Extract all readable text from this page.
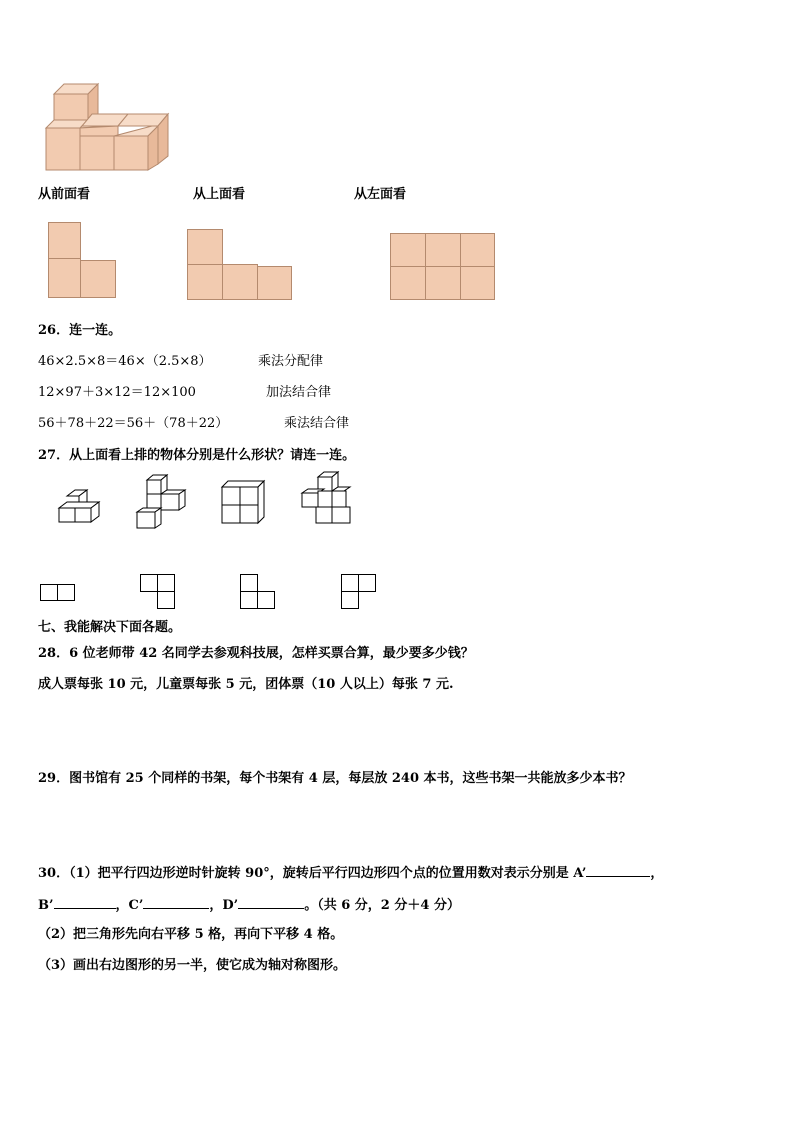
从前面看	从上面看	从左面看
26．连一连。
46×2.5×8＝46×（2.5×8）
12×97＋3×12＝12×100
56＋78＋22＝56＋（78＋22）
乘法分配律
加法结合律
乘法结合律
27．从上面看上排的物体分别是什么形状？请连一连。
七、我能解决下面各题。
28．6 位老师带 42 名同学去参观科技展，怎样买票合算，最少要多少钱？
成人票每张 10 元，儿童票每张 5 元，团体票（10 人以上）每张 7 元.
29．图书馆有 25 个同样的书架，每个书架有 4 层，每层放 240 本书，这些书架一共能放多少本书？
30．（1）把平行四边形逆时针旋转 90°，旋转后平行四边形四个点的位置用数对表示分别是 A’	，
B’	，C’	，D’	。（共 6 分，2 分＋4 分）
（2）把三角形先向右平移 5 格，再向下平移 4 格。
（3）画出右边图形的另一半，使它成为轴对称图形。
